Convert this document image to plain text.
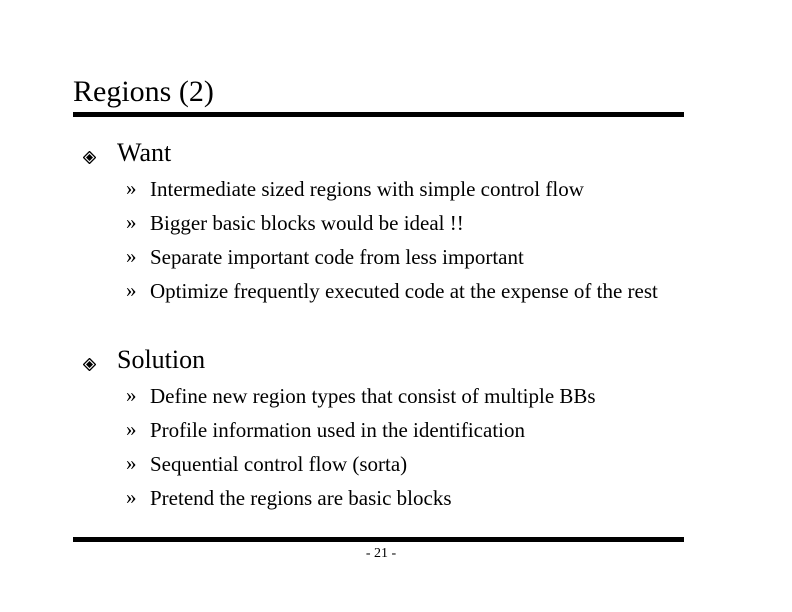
Regions (2)
Want
» Intermediate sized regions with simple control flow
» Bigger basic blocks would be ideal !!
» Separate important code from less important
» Optimize frequently executed code at the expense of the rest
Solution
» Define new region types that consist of multiple BBs
» Profile information used in the identification
» Sequential control flow (sorta)
» Pretend the regions are basic blocks
- 21 -
